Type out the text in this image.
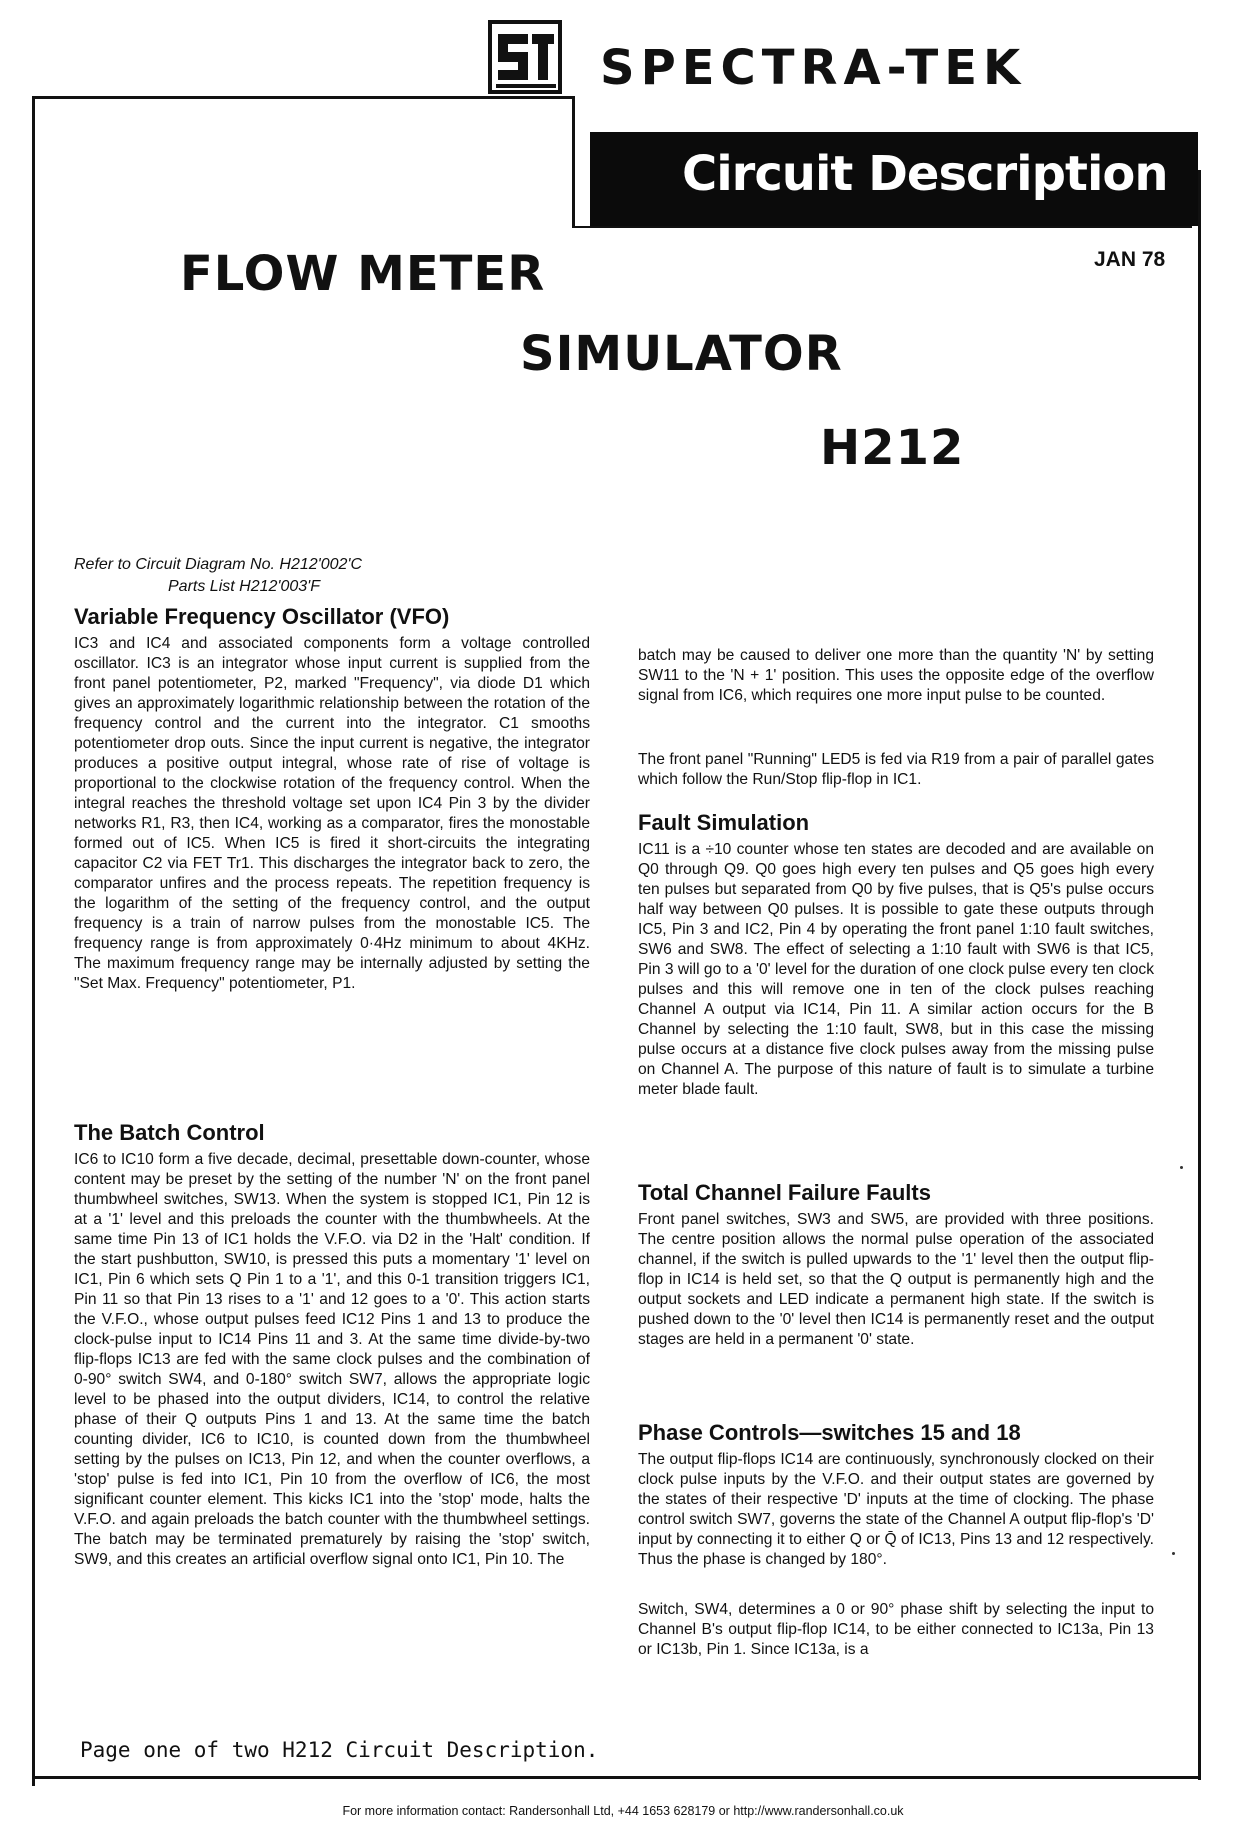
SPECTRA-TEK
Circuit Description
FLOW METER
SIMULATOR
H212
JAN 78
Refer to Circuit Diagram No. H212'002'C
Parts List H212'003'F
Variable Frequency Oscillator (VFO)
IC3 and IC4 and associated components form a voltage controlled oscillator. IC3 is an integrator whose input current is supplied from the front panel potentiometer, P2, marked "Frequency", via diode D1 which gives an approximately logarithmic relationship between the rotation of the frequency control and the current into the integrator. C1 smooths potentiometer drop outs. Since the input current is negative, the integrator produces a positive output integral, whose rate of rise of voltage is proportional to the clockwise rotation of the frequency control. When the integral reaches the threshold voltage set upon IC4 Pin 3 by the divider networks R1, R3, then IC4, working as a comparator, fires the monostable formed out of IC5. When IC5 is fired it short-circuits the integrating capacitor C2 via FET Tr1. This discharges the integrator back to zero, the comparator unfires and the process repeats. The repetition frequency is the logarithm of the setting of the frequency control, and the output frequency is a train of narrow pulses from the monostable IC5. The frequency range is from approximately 0·4Hz minimum to about 4KHz. The maximum frequency range may be internally adjusted by setting the "Set Max. Frequency" potentiometer, P1.
The Batch Control
IC6 to IC10 form a five decade, decimal, presettable down-counter, whose content may be preset by the setting of the number 'N' on the front panel thumbwheel switches, SW13. When the system is stopped IC1, Pin 12 is at a '1' level and this preloads the counter with the thumbwheels. At the same time Pin 13 of IC1 holds the V.F.O. via D2 in the 'Halt' condition. If the start pushbutton, SW10, is pressed this puts a momentary '1' level on IC1, Pin 6 which sets Q Pin 1 to a '1', and this 0-1 transition triggers IC1, Pin 11 so that Pin 13 rises to a '1' and 12 goes to a '0'. This action starts the V.F.O., whose output pulses feed IC12 Pins 1 and 13 to produce the clock-pulse input to IC14 Pins 11 and 3. At the same time divide-by-two flip-flops IC13 are fed with the same clock pulses and the combination of 0-90° switch SW4, and 0-180° switch SW7, allows the appropriate logic level to be phased into the output dividers, IC14, to control the relative phase of their Q outputs Pins 1 and 13. At the same time the batch counting divider, IC6 to IC10, is counted down from the thumbwheel setting by the pulses on IC13, Pin 12, and when the counter overflows, a 'stop' pulse is fed into IC1, Pin 10 from the overflow of IC6, the most significant counter element. This kicks IC1 into the 'stop' mode, halts the V.F.O. and again preloads the batch counter with the thumbwheel settings. The batch may be terminated prematurely by raising the 'stop' switch, SW9, and this creates an artificial overflow signal onto IC1, Pin 10. The
batch may be caused to deliver one more than the quantity 'N' by setting SW11 to the 'N + 1' position. This uses the opposite edge of the overflow signal from IC6, which requires one more input pulse to be counted.
The front panel "Running" LED5 is fed via R19 from a pair of parallel gates which follow the Run/Stop flip-flop in IC1.
Fault Simulation
IC11 is a ÷10 counter whose ten states are decoded and are available on Q0 through Q9. Q0 goes high every ten pulses and Q5 goes high every ten pulses but separated from Q0 by five pulses, that is Q5's pulse occurs half way between Q0 pulses. It is possible to gate these outputs through IC5, Pin 3 and IC2, Pin 4 by operating the front panel 1:10 fault switches, SW6 and SW8. The effect of selecting a 1:10 fault with SW6 is that IC5, Pin 3 will go to a '0' level for the duration of one clock pulse every ten clock pulses and this will remove one in ten of the clock pulses reaching Channel A output via IC14, Pin 11. A similar action occurs for the B Channel by selecting the 1:10 fault, SW8, but in this case the missing pulse occurs at a distance five clock pulses away from the missing pulse on Channel A. The purpose of this nature of fault is to simulate a turbine meter blade fault.
Total Channel Failure Faults
Front panel switches, SW3 and SW5, are provided with three positions. The centre position allows the normal pulse operation of the associated channel, if the switch is pulled upwards to the '1' level then the output flip-flop in IC14 is held set, so that the Q output is permanently high and the output sockets and LED indicate a permanent high state. If the switch is pushed down to the '0' level then IC14 is permanently reset and the output stages are held in a permanent '0' state.
Phase Controls—switches 15 and 18
The output flip-flops IC14 are continuously, synchronously clocked on their clock pulse inputs by the V.F.O. and their output states are governed by the states of their respective 'D' inputs at the time of clocking. The phase control switch SW7, governs the state of the Channel A output flip-flop's 'D' input by connecting it to either Q or Q̄ of IC13, Pins 13 and 12 respectively. Thus the phase is changed by 180°.
Switch, SW4, determines a 0 or 90° phase shift by selecting the input to Channel B's output flip-flop IC14, to be either connected to IC13a, Pin 13 or IC13b, Pin 1. Since IC13a, is a
Page one of two H212 Circuit Description.
For more information contact: Randersonhall Ltd, +44 1653 628179 or http://www.randersonhall.co.uk
